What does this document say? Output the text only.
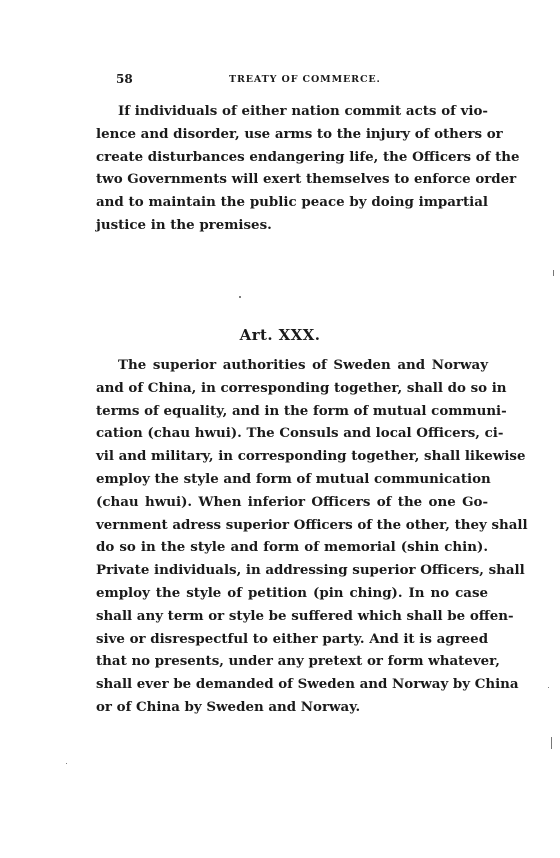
58	TREATY OF COMMERCE.
If individuals of either nation commit acts of vio-
lence and disorder, use arms to the injury of others or
create disturbances endangering life, the Officers of the
two Governments will exert themselves to enforce order
and to maintain the public peace by doing impartial
justice in the premises.
Art. XXX.
The superior authorities of Sweden and Norway
and of China, in corresponding together, shall do so in
terms of equality, and in the form of mutual communi-
cation (chau hwui). The Consuls and local Officers, ci-
vil and military, in corresponding together, shall likewise
employ the style and form of mutual communication
(chau hwui). When inferior Officers of the one Go-
vernment adress superior Officers of the other, they shall
do so in the style and form of memorial (shin chin).
Private individuals, in addressing superior Officers, shall
employ the style of petition (pin ching). In no case
shall any term or style be suffered which shall be offen-
sive or disrespectful to either party. And it is agreed
that no presents, under any pretext or form whatever,
shall ever be demanded of Sweden and Norway by China
or of China by Sweden and Norway.
